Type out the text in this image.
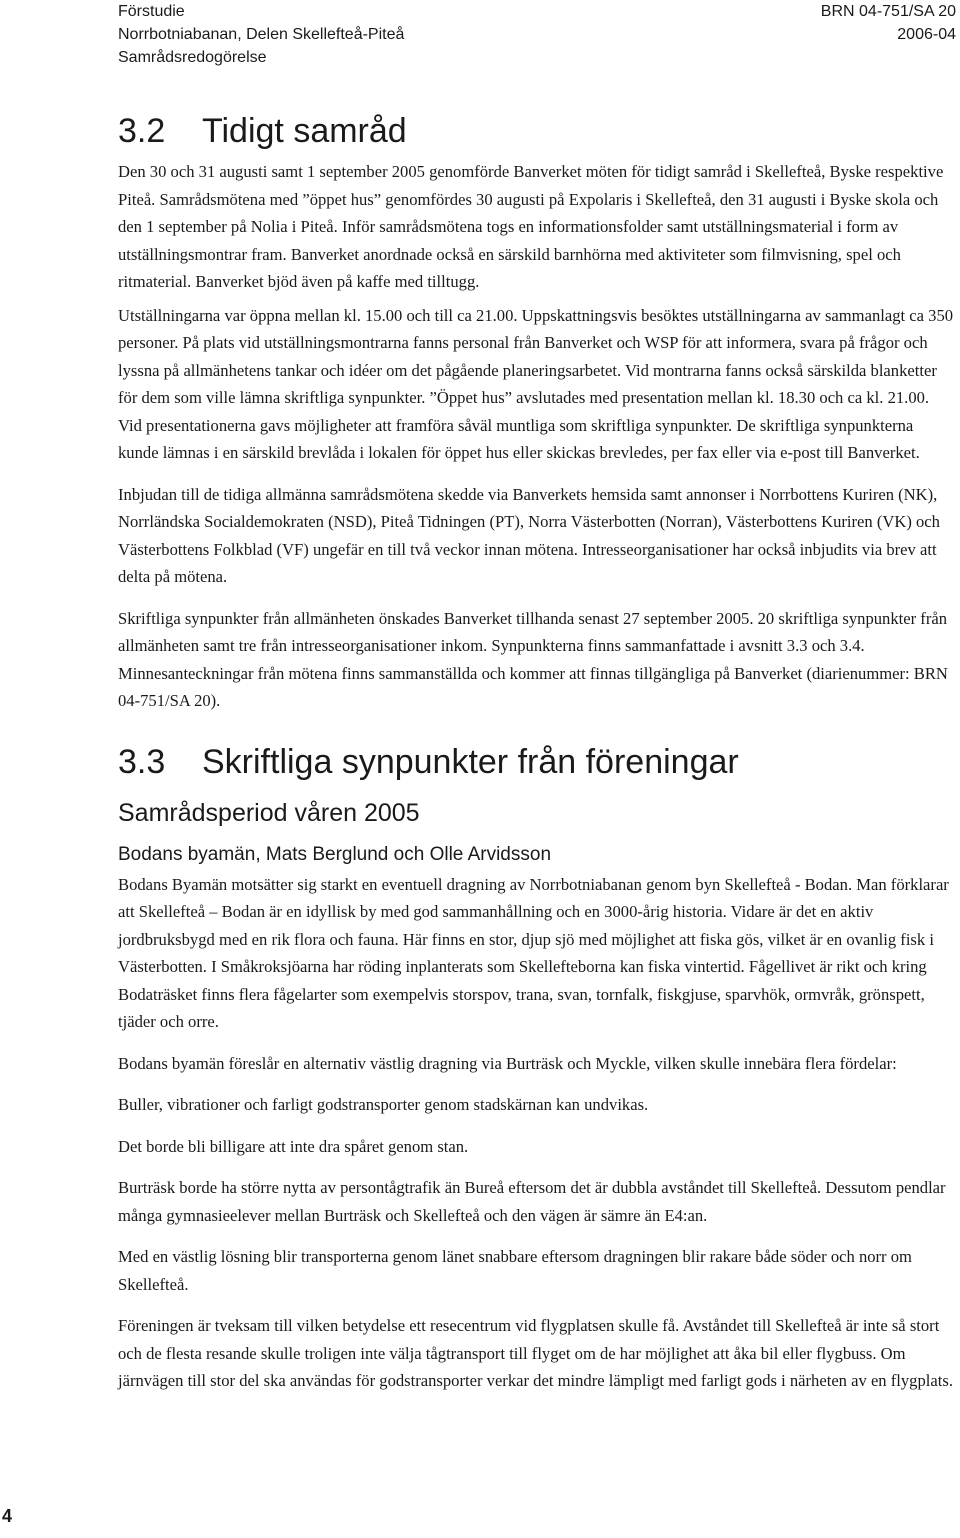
Förstudie
Norrbotniabanan, Delen Skellefteå-Piteå
Samrådsredogörelse
BRN 04-751/SA 20
2006-04
3.2 Tidigt samråd

Den 30 och 31 augusti samt 1 september 2005 genomförde Banverket möten för tidigt samråd i Skellefteå, Byske respektive Piteå. Samrådsmötena med ”öppet hus” genomfördes 30 augusti på Expolaris i Skellefteå, den 31 augusti i Byske skola och den 1 september på Nolia i Piteå. Inför samrådsmötena togs en informationsfolder samt utställningsmaterial i form av utställningsmontrar fram. Banverket anordnade också en särskild barnhörna med aktiviteter som filmvisning, spel och ritmaterial. Banverket bjöd även på kaffe med tilltugg.

Utställningarna var öppna mellan kl. 15.00 och till ca 21.00. Uppskattningsvis besöktes utställningarna av sammanlagt ca 350 personer. På plats vid utställningsmontrarna fanns personal från Banverket och WSP för att informera, svara på frågor och lyssna på allmänhetens tankar och idéer om det pågående planeringsarbetet. Vid montrarna fanns också särskilda blanketter för dem som ville lämna skriftliga synpunkter. ”Öppet hus” avslutades med presentation mellan kl. 18.30 och ca kl. 21.00. Vid presentationerna gavs möjligheter att framföra såväl muntliga som skriftliga synpunkter. De skriftliga synpunkterna kunde lämnas i en särskild brevlåda i lokalen för öppet hus eller skickas brevledes, per fax eller via e-post till Banverket.

Inbjudan till de tidiga allmänna samrådsmötena skedde via Banverkets hemsida samt annonser i Norrbottens Kuriren (NK), Norrländska Socialdemokraten (NSD), Piteå Tidningen (PT), Norra Västerbotten (Norran), Västerbottens Kuriren (VK) och Västerbottens Folkblad (VF) ungefär en till två veckor innan mötena. Intresseorganisationer har också inbjudits via brev att delta på mötena.

Skriftliga synpunkter från allmänheten önskades Banverket tillhanda senast 27 september 2005. 20 skriftliga synpunkter från allmänheten samt tre från intresseorganisationer inkom. Synpunkterna finns sammanfattade i avsnitt 3.3 och 3.4. Minnesanteckningar från mötena finns sammanställda och kommer att finnas tillgängliga på Banverket (diarienummer: BRN 04-751/SA 20).

3.3 Skriftliga synpunkter från föreningar
Samrådsperiod våren 2005
Bodans byamän, Mats Berglund och Olle Arvidsson

Bodans Byamän motsätter sig starkt en eventuell dragning av Norrbotniabanan genom byn Skellefteå - Bodan. Man förklarar att Skellefteå – Bodan är en idyllisk by med god sammanhållning och en 3000-årig historia. Vidare är det en aktiv jordbruksbygd med en rik flora och fauna. Här finns en stor, djup sjö med möjlighet att fiska gös, vilket är en ovanlig fisk i Västerbotten. I Småkroksjöarna har röding inplanterats som Skellefteborna kan fiska vintertid. Fågellivet är rikt och kring Bodaträsket finns flera fågelarter som exempelvis storspov, trana, svan, tornfalk, fiskgjuse, sparvhök, ormvråk, grönspett, tjäder och orre.

Bodans byamän föreslår en alternativ västlig dragning via Burträsk och Myckle, vilken skulle innebära flera fördelar:

Buller, vibrationer och farligt godstransporter genom stadskärnan kan undvikas.

Det borde bli billigare att inte dra spåret genom stan.

Burträsk borde ha större nytta av persontågtrafik än Bureå eftersom det är dubbla avståndet till Skellefteå. Dessutom pendlar många gymnasieelever mellan Burträsk och Skellefteå och den vägen är sämre än E4:an.

Med en västlig lösning blir transporterna genom länet snabbare eftersom dragningen blir rakare både söder och norr om Skellefteå.

Föreningen är tveksam till vilken betydelse ett resecentrum vid flygplatsen skulle få. Avståndet till Skellefteå är inte så stort och de flesta resande skulle troligen inte välja tågtransport till flyget om de har möjlighet att åka bil eller flygbuss. Om järnvägen till stor del ska användas för godstransporter verkar det mindre lämpligt med farligt gods i närheten av en flygplats.

4
